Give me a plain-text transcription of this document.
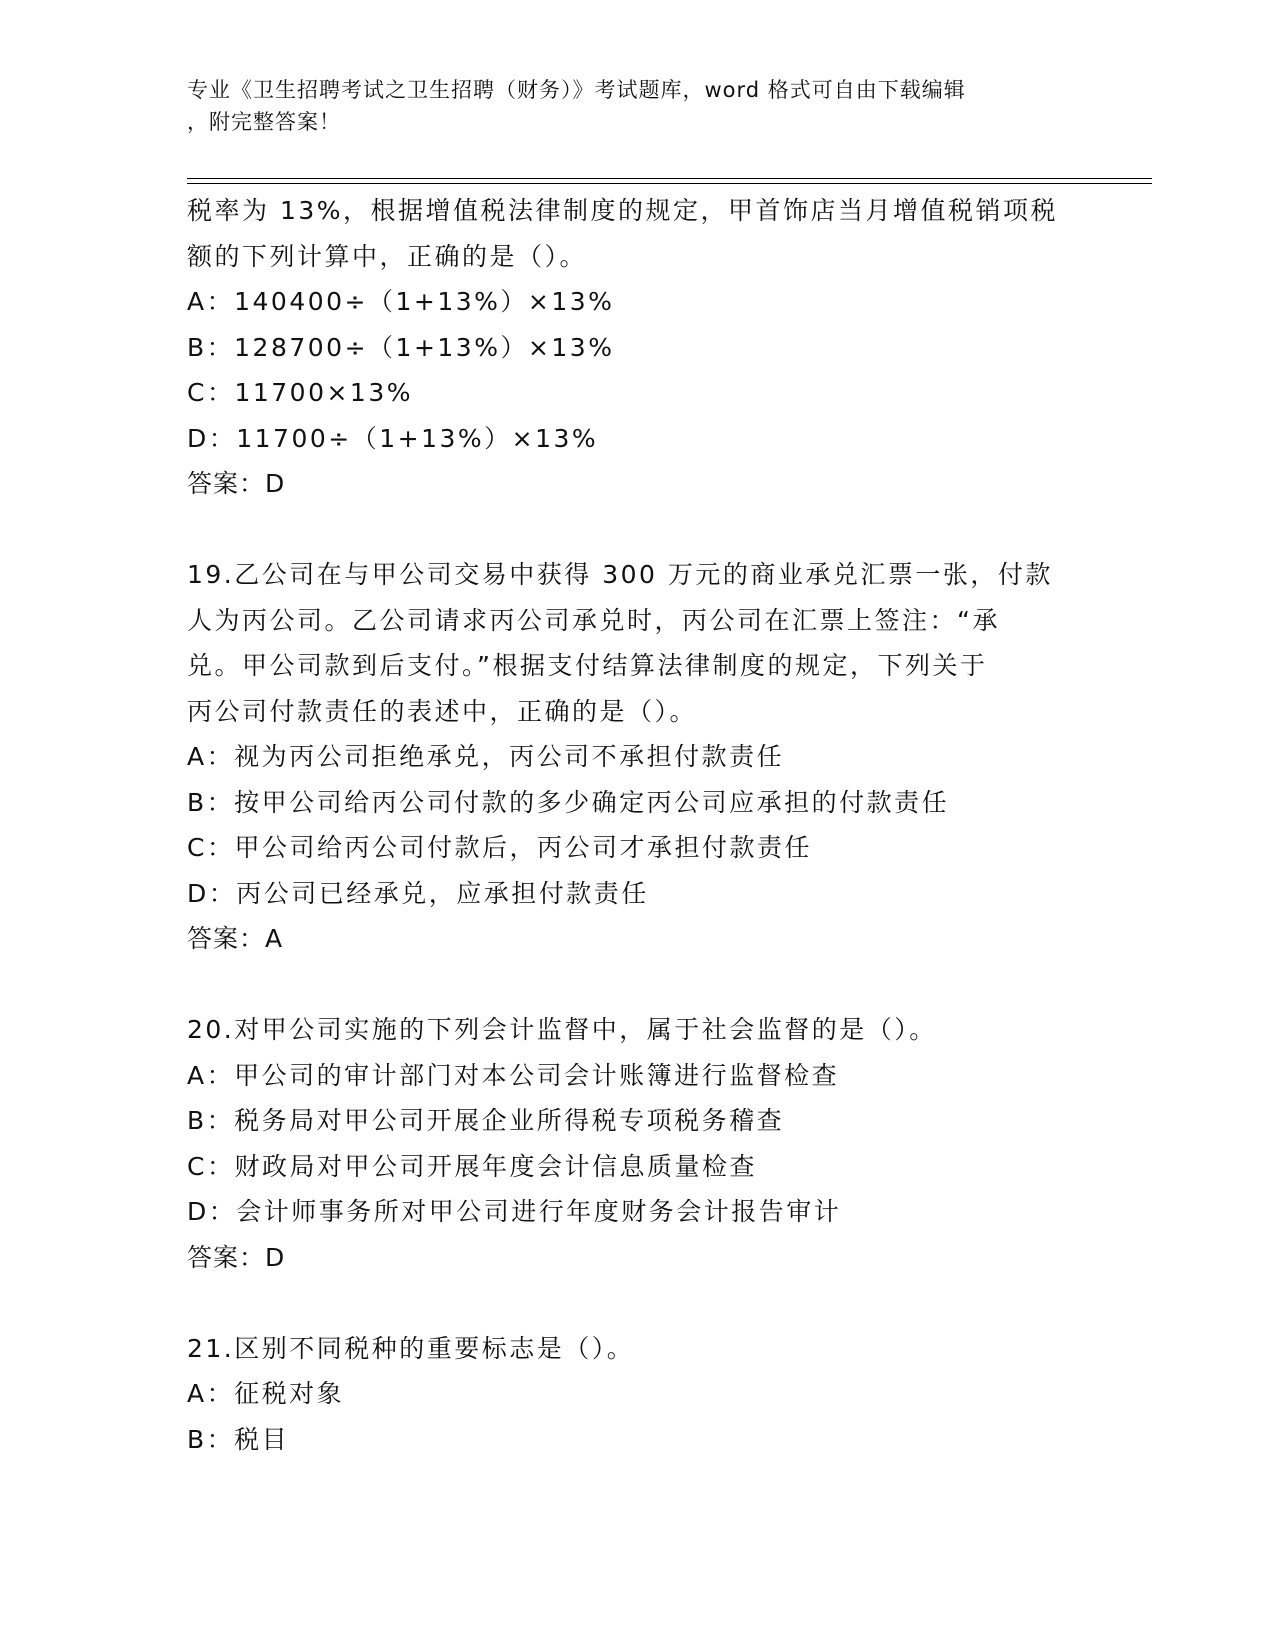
专业《卫生招聘考试之卫生招聘（财务）》考试题库，word 格式可自由下载编辑
，附完整答案！
税率为 13%，根据增值税法律制度的规定，甲首饰店当月增值税销项税
额的下列计算中，正确的是（）。
A：140400÷（1+13%）×13%
B：128700÷（1+13%）×13%
C：11700×13%
D：11700÷（1+13%）×13%
答案：D
19.乙公司在与甲公司交易中获得 300 万元的商业承兑汇票一张，付款
人为丙公司。乙公司请求丙公司承兑时，丙公司在汇票上签注：“承
兑。甲公司款到后支付。”根据支付结算法律制度的规定，下列关于
丙公司付款责任的表述中，正确的是（）。
A：视为丙公司拒绝承兑，丙公司不承担付款责任
B：按甲公司给丙公司付款的多少确定丙公司应承担的付款责任
C：甲公司给丙公司付款后，丙公司才承担付款责任
D：丙公司已经承兑，应承担付款责任
答案：A
20.对甲公司实施的下列会计监督中，属于社会监督的是（）。
A：甲公司的审计部门对本公司会计账簿进行监督检查
B：税务局对甲公司开展企业所得税专项税务稽查
C：财政局对甲公司开展年度会计信息质量检查
D：会计师事务所对甲公司进行年度财务会计报告审计
答案：D
21.区别不同税种的重要标志是（）。
A：征税对象
B：税目
